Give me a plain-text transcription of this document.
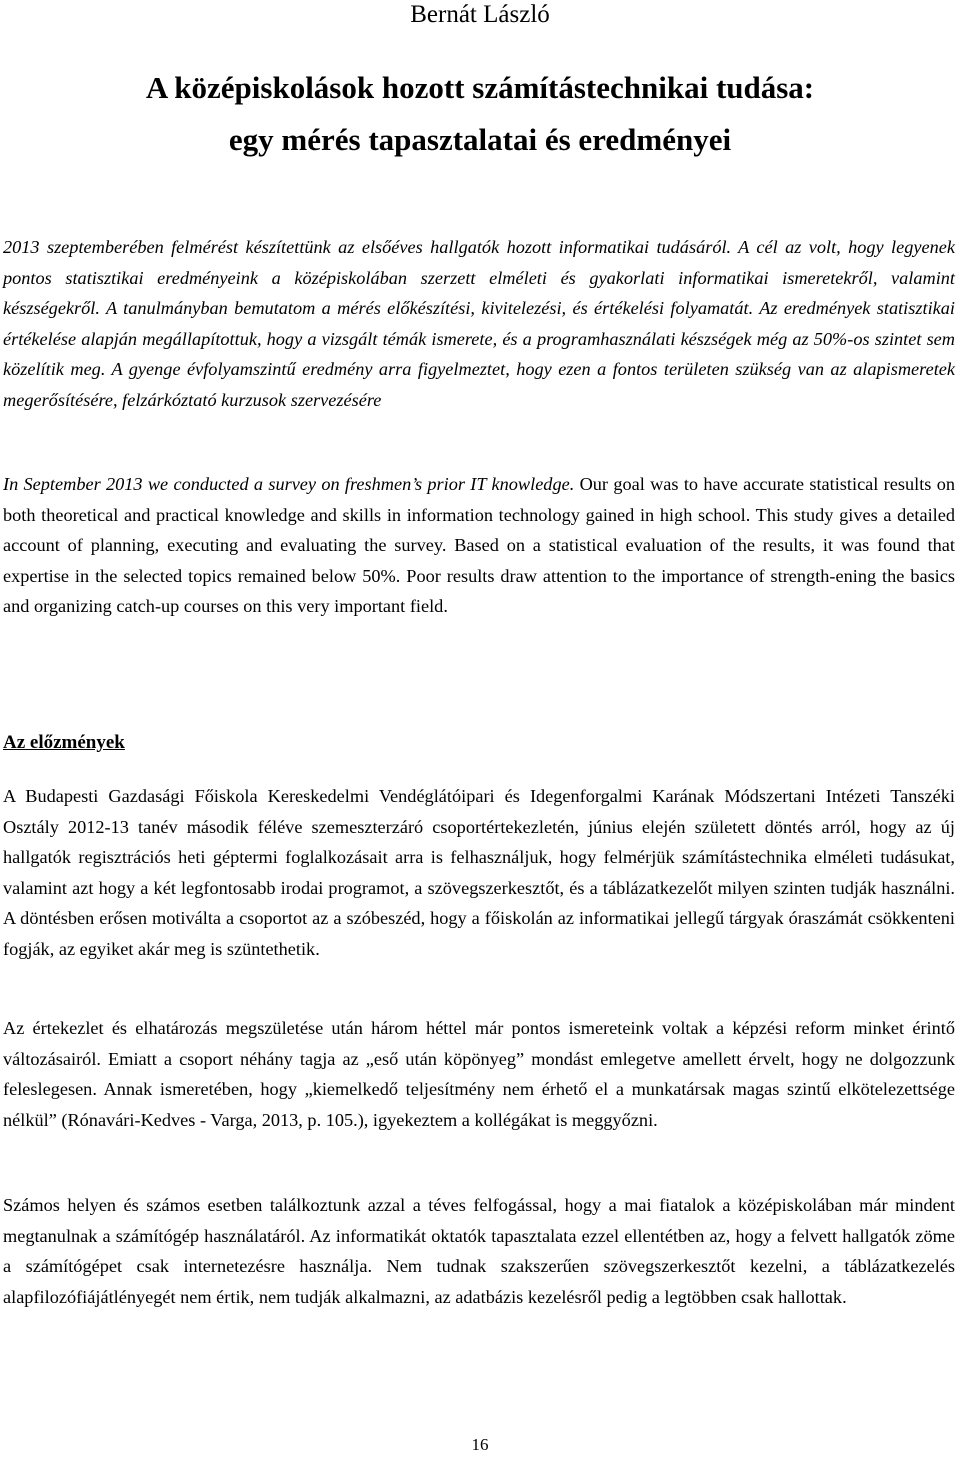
Bernát László
A középiskolások hozott számítástechnikai tudása:
egy mérés tapasztalatai és eredményei

2013 szeptemberében felmérést készítettünk az elsőéves hallgatók hozott informatikai tudásáról. A cél az volt, hogy legyenek pontos statisztikai eredményeink a középiskolában szerzett elméleti és gyakorlati informatikai ismeretekről, valamint készségekről. A tanulmányban bemutatom a mérés előkészítési, kivitelezési, és értékelési folyamatát. Az eredmények statisztikai értékelése alapján megállapítottuk, hogy a vizsgált témák ismerete, és a programhasználati készségek még az 50%-os szintet sem közelítik meg. A gyenge évfolyamszintű eredmény arra figyelmeztet, hogy ezen a fontos területen szükség van az alapismeretek megerősítésére, felzárkóztató kurzusok szervezésére

In September 2013 we conducted a survey on freshmen’s prior IT knowledge. Our goal was to have accurate statistical results on both theoretical and practical knowledge and skills in information technology gained in high school. This study gives a detailed account of planning, executing and evaluating the survey. Based on a statistical evaluation of the results, it was found that expertise in the selected topics remained below 50%. Poor results draw attention to the importance of strength-ening the basics and organizing catch-up courses on this very important field.

Az előzmények

A Budapesti Gazdasági Főiskola Kereskedelmi Vendéglátóipari és Idegenforgalmi Karának Módszertani Intézeti Tanszéki Osztály 2012-13 tanév második féléve szemeszterzáró csoportértekezletén, június elején született döntés arról, hogy az új hallgatók regisztrációs heti géptermi foglalkozásait arra is felhasználjuk, hogy felmérjük számítástechnika elméleti tudásukat, valamint azt hogy a két legfontosabb irodai programot, a szövegszerkesztőt, és a táblázatkezelőt milyen szinten tudják használni. A döntésben erősen motiválta a csoportot az a szóbeszéd, hogy a főiskolán az informatikai jellegű tárgyak óraszámát csökkenteni fogják, az egyiket akár meg is szüntethetik.

Az értekezlet és elhatározás megszületése után három héttel már pontos ismereteink voltak a képzési reform minket érintő változásairól. Emiatt a csoport néhány tagja az „eső után köpönyeg” mondást emlegetve amellett érvelt, hogy ne dolgozzunk feleslegesen. Annak ismeretében, hogy „kiemelkedő teljesítmény nem érhető el a munkatársak magas szintű elkötelezettsége nélkül” (Rónavári-Kedves - Varga, 2013, p. 105.), igyekeztem a kollégákat is meggyőzni.

Számos helyen és számos esetben találkoztunk azzal a téves felfogással, hogy a mai fiatalok a középiskolában már mindent megtanulnak a számítógép használatáról. Az informatikát oktatók tapasztalata ezzel ellentétben az, hogy a felvett hallgatók zöme a számítógépet csak internetezésre használja. Nem tudnak szakszerűen szövegszerkesztőt kezelni, a táblázatkezelés alapfilozófiájátlényegét nem értik, nem tudják alkalmazni, az adatbázis kezelésről pedig a legtöbben csak hallottak.

16
